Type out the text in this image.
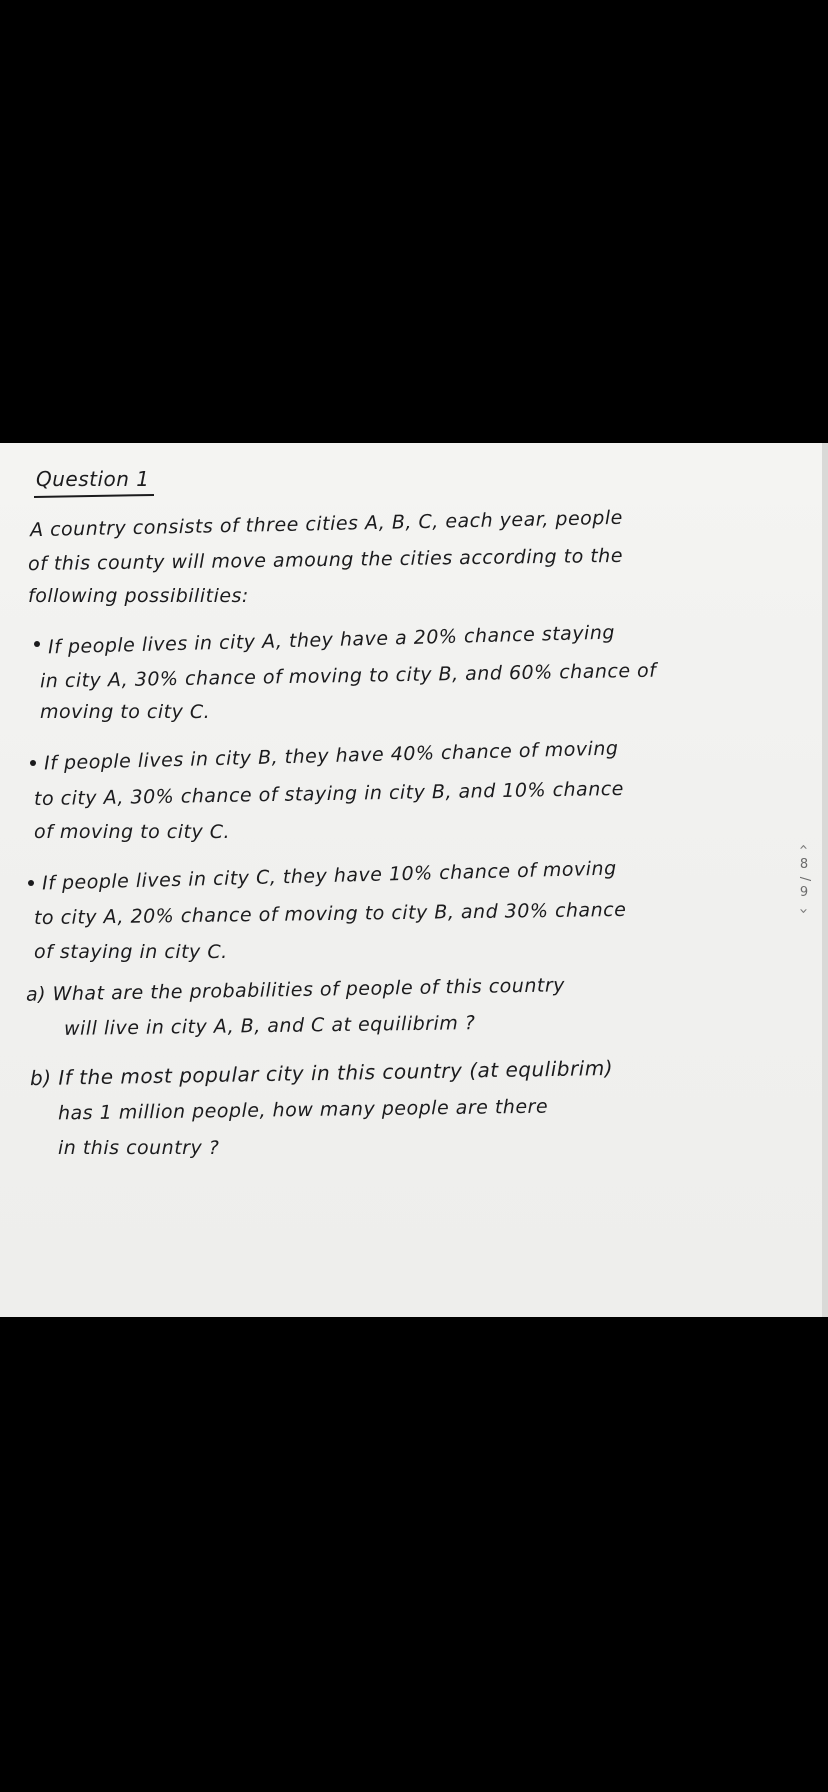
Question 1
A country consists of three cities A, B, C, each year, people
of this county will move amoung the cities according to the
following possibilities:
If people lives in city A, they have a 20% chance staying
in city A, 30% chance of moving to city B, and 60% chance of
moving to city C.
If people lives in city B, they have 40% chance of moving
to city A, 30% chance of staying in city B, and 10% chance
of moving to city C.
If people lives in city C, they have 10% chance of moving
to city A, 20% chance of moving to city B, and 30% chance
of staying in city C.
a) What are the probabilities of people of this country
will live in city A, B, and C at equilibrim ?
b) If the most popular city in this country (at equlibrim)
has 1 million people, how many people are there
in this country ?
‹
8
/
9
›
